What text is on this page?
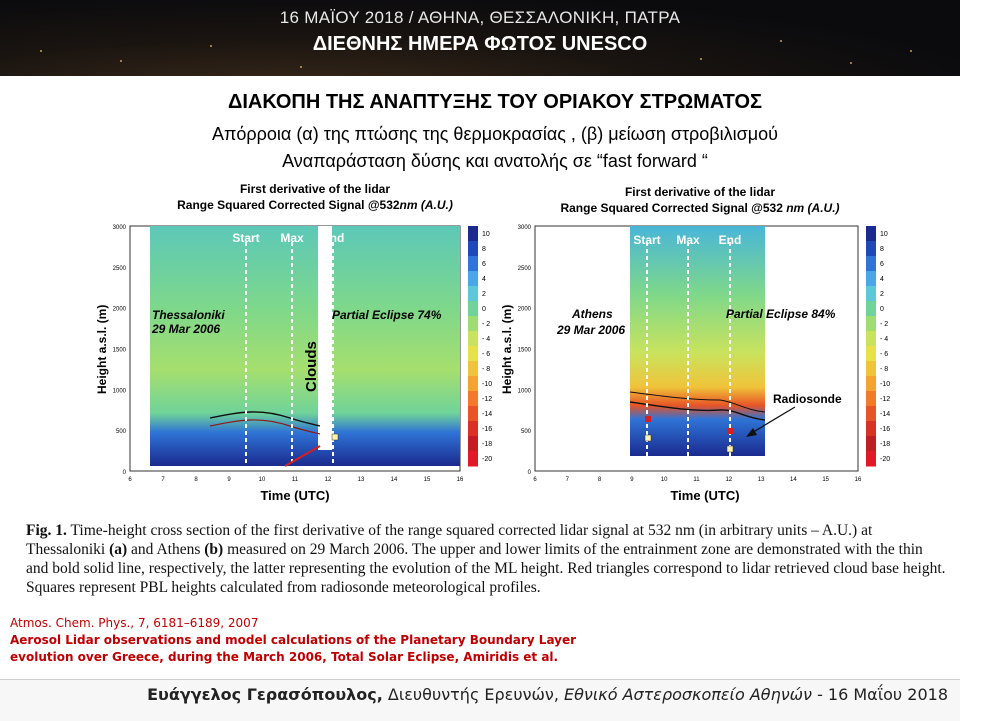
16 ΜΑΪΟΥ 2018 / ΑΘΗΝΑ, ΘΕΣΣΑΛΟΝΙΚΗ, ΠΑΤΡΑ
ΔΙΕΘΝΗΣ ΗΜΕΡΑ ΦΩΤΟΣ UNESCO
ΔΙΑΚΟΠΗ ΤΗΣ ΑΝΑΠΤΥΞΗΣ ΤΟΥ ΟΡΙΑΚΟΥ ΣΤΡΩΜΑΤΟΣ
Απόρροια (α) της πτώσης της θερμοκρασίας , (β) μείωση στροβιλισμού
Αναπαράσταση δύσης και ανατολής σε “fast forward “
First derivative of the lidar
Range Squared Corrected Signal @532nm (A.U.)
Start Max End
Thessaloniki
29 Mar 2006
Partial Eclipse 74%
Clouds
Height a.s.l. (m)
Time (UTC)
0
500
1000
1500
2000
2500
3000
6	7	8	9	10	11	12	13	14	15	16
10
8
6
4
2
0
- 2
- 4
- 6
- 8
-10
-12
-14
-16
-18
-20
First derivative of the lidar
Range Squared Corrected Signal @532 nm (A.U.)
Start Max End
Athens
29 Mar 2006
Partial Eclipse 84%
Radiosonde
Height a.s.l. (m)
Time (UTC)
0
500
1000
1500
2000
2500
3000
6	7	8	9	10	11	12	13	14	15	16
10
8
6
4
2
0
- 2
- 4
- 6
- 8
-10
-12
-14
-16
-18
-20
Fig. 1. Time-height cross section of the first derivative of the range squared corrected lidar signal at 532 nm (in arbitrary units – A.U.) at Thessaloniki (a) and Athens (b) measured on 29 March 2006. The upper and lower limits of the entrainment zone are demonstrated with the thin and bold solid line, respectively, the latter representing the evolution of the ML height. Red triangles correspond to lidar retrieved cloud base height. Squares represent PBL heights calculated from radiosonde meteorological profiles.
Atmos. Chem. Phys., 7, 6181–6189, 2007
Aerosol Lidar observations and model calculations of the Planetary Boundary Layer
evolution over Greece, during the March 2006, Total Solar Eclipse, Amiridis et al.
Ευάγγελος Γερασόπουλος, Διευθυντής Ερευνών, Εθνικό Αστεροσκοπείο Αθηνών - 16 Μαΐου 2018
